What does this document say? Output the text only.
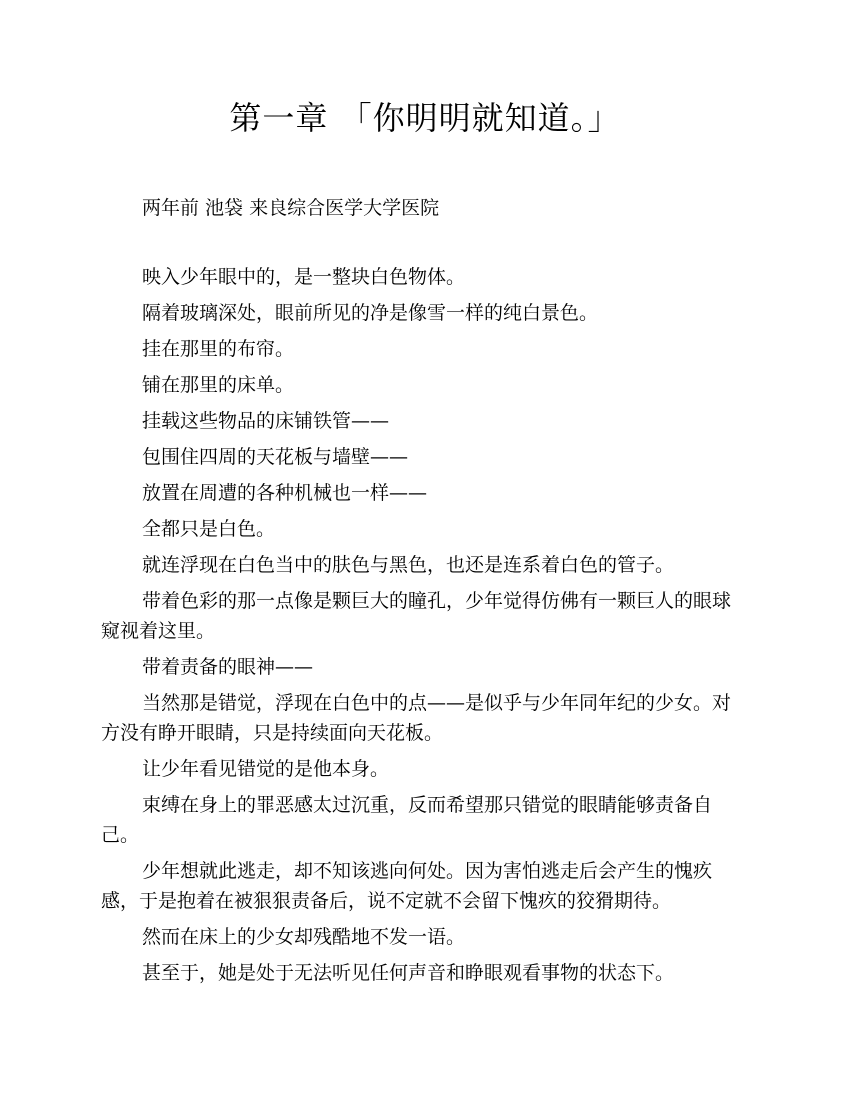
第一章 「你明明就知道。」

两年前 池袋 来良综合医学大学医院

映入少年眼中的，是一整块白色物体。

隔着玻璃深处，眼前所见的净是像雪一样的纯白景色。

挂在那里的布帘。

铺在那里的床单。

挂载这些物品的床铺铁管——

包围住四周的天花板与墙壁——

放置在周遭的各种机械也一样——

全都只是白色。

就连浮现在白色当中的肤色与黑色，也还是连系着白色的管子。

带着色彩的那一点像是颗巨大的瞳孔，少年觉得仿佛有一颗巨人的眼球窥视着这里。

带着责备的眼神——

当然那是错觉，浮现在白色中的点——是似乎与少年同年纪的少女。对方没有睁开眼睛，只是持续面向天花板。

让少年看见错觉的是他本身。

束缚在身上的罪恶感太过沉重，反而希望那只错觉的眼睛能够责备自己。

少年想就此逃走，却不知该逃向何处。因为害怕逃走后会产生的愧疚感，于是抱着在被狠狠责备后，说不定就不会留下愧疚的狡猾期待。

然而在床上的少女却残酷地不发一语。

甚至于，她是处于无法听见任何声音和睁眼观看事物的状态下。
